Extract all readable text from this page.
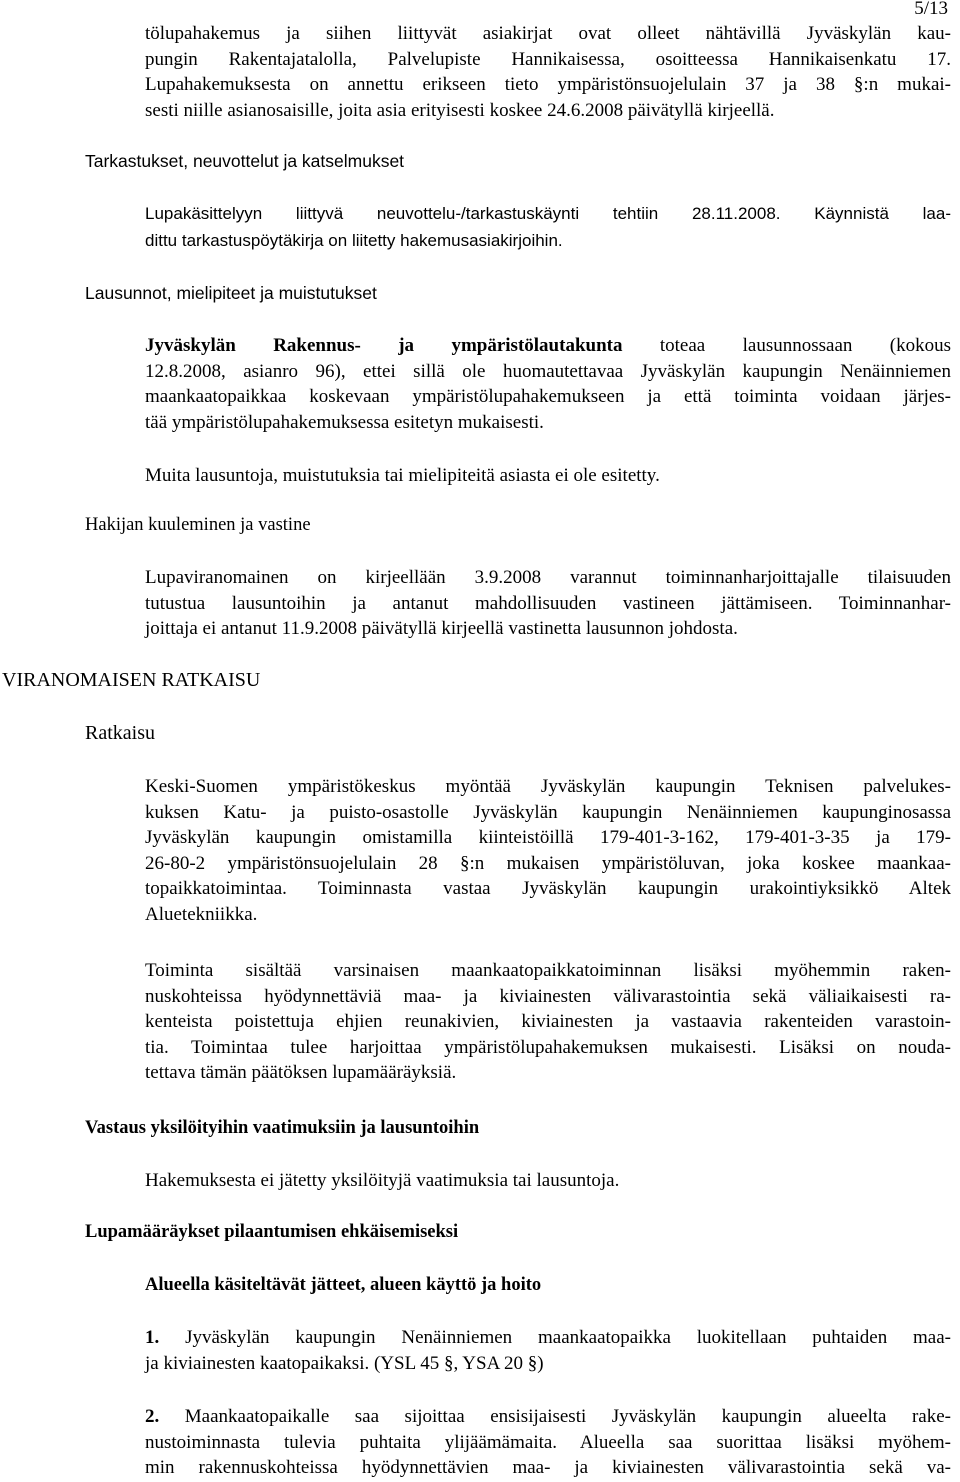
5/13
tölupahakemus ja siihen liittyvät asiakirjat ovat olleet nähtävillä Jyväskylän kau-
pungin Rakentajatalolla, Palvelupiste Hannikaisessa, osoitteessa Hannikaisenkatu 17.
Lupahakemuksesta on annettu erikseen tieto ympäristönsuojelulain 37 ja 38 §:n mukai-
sesti niille asianosaisille, joita asia erityisesti koskee 24.6.2008 päivätyllä kirjeellä.
Tarkastukset, neuvottelut ja katselmukset
Lupakäsittelyyn liittyvä neuvottelu-/tarkastuskäynti tehtiin 28.11.2008. Käynnistä laa-
dittu tarkastuspöytäkirja on liitetty hakemusasiakirjoihin.
Lausunnot, mielipiteet ja muistutukset
Jyväskylän Rakennus- ja ympäristölautakunta toteaa lausunnossaan (kokous
12.8.2008, asianro 96), ettei sillä ole huomautettavaa Jyväskylän kaupungin Nenäinniemen
maankaatopaikkaa koskevaan ympäristölupahakemukseen ja että toiminta voidaan järjes-
tää ympäristölupahakemuksessa esitetyn mukaisesti.
Muita lausuntoja, muistutuksia tai mielipiteitä asiasta ei ole esitetty.
Hakijan kuuleminen ja vastine
Lupaviranomainen on kirjeellään 3.9.2008 varannut toiminnanharjoittajalle tilaisuuden
tutustua lausuntoihin ja antanut mahdollisuuden vastineen jättämiseen. Toiminnanhar-
joittaja ei antanut 11.9.2008 päivätyllä kirjeellä vastinetta lausunnon johdosta.
VIRANOMAISEN RATKAISU
Ratkaisu
Keski-Suomen ympäristökeskus myöntää Jyväskylän kaupungin Teknisen palvelukes-
kuksen Katu- ja puisto-osastolle Jyväskylän kaupungin Nenäinniemen kaupunginosassa
Jyväskylän kaupungin omistamilla kiinteistöillä 179-401-3-162, 179-401-3-35 ja 179-
26-80-2 ympäristönsuojelulain 28 §:n mukaisen ympäristöluvan, joka koskee maankaa-
topaikkatoimintaa. Toiminnasta vastaa Jyväskylän kaupungin urakointiyksikkö Altek
Aluetekniikka.
Toiminta sisältää varsinaisen maankaatopaikkatoiminnan lisäksi myöhemmin raken-
nuskohteissa hyödynnettäviä maa- ja kiviainesten välivarastointia sekä väliaikaisesti ra-
kenteista poistettuja ehjien reunakivien, kiviainesten ja vastaavia rakenteiden varastoin-
tia. Toimintaa tulee harjoittaa ympäristölupahakemuksen mukaisesti. Lisäksi on nouda-
tettava tämän päätöksen lupamääräyksiä.
Vastaus yksilöityihin vaatimuksiin ja lausuntoihin
Hakemuksesta ei jätetty yksilöityjä vaatimuksia tai lausuntoja.
Lupamääräykset pilaantumisen ehkäisemiseksi
Alueella käsiteltävät jätteet, alueen käyttö ja hoito
1. Jyväskylän kaupungin Nenäinniemen maankaatopaikka luokitellaan puhtaiden maa-
ja kiviainesten kaatopaikaksi. (YSL 45 §, YSA 20 §)
2. Maankaatopaikalle saa sijoittaa ensisijaisesti Jyväskylän kaupungin alueelta rake-
nustoiminnasta tulevia puhtaita ylijäämämaita. Alueella saa suorittaa lisäksi myöhem-
min rakennuskohteissa hyödynnettävien maa- ja kiviainesten välivarastointia sekä va-
